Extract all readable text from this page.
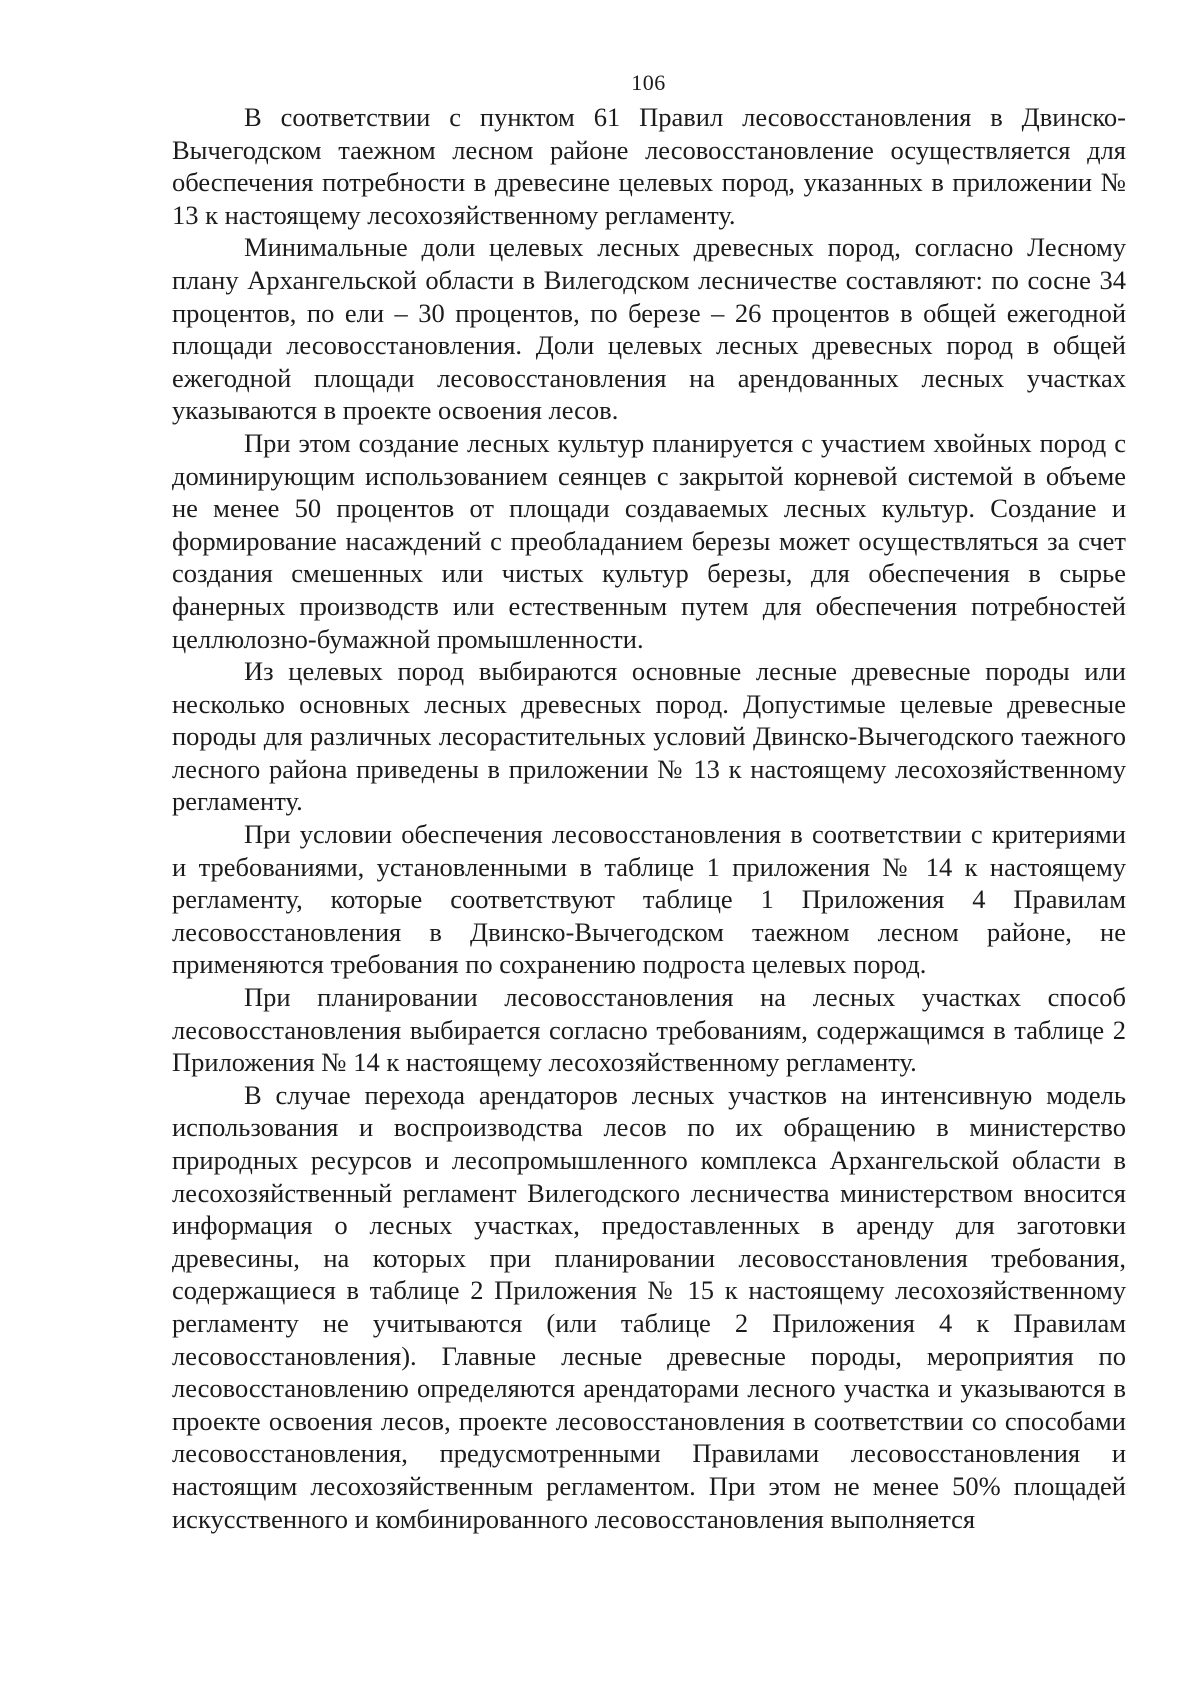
106

В соответствии с пунктом 61 Правил лесовосстановления в Двинско-Вычегодском таежном лесном районе лесовосстановление осуществляется для обеспечения потребности в древесине целевых пород, указанных в приложении № 13 к настоящему лесохозяйственному регламенту.

Минимальные доли целевых лесных древесных пород, согласно Лесному плану Архангельской области в Вилегодском лесничестве составляют: по сосне 34 процентов, по ели – 30 процентов, по березе – 26 процентов в общей ежегодной площади лесовосстановления. Доли целевых лесных древесных пород в общей ежегодной площади лесовосстановления на арендованных лесных участках указываются в проекте освоения лесов.

При этом создание лесных культур планируется с участием хвойных пород с доминирующим использованием сеянцев с закрытой корневой системой в объеме не менее 50 процентов от площади создаваемых лесных культур. Создание и формирование насаждений с преобладанием березы может осуществляться за счет создания смешенных или чистых культур березы, для обеспечения в сырье фанерных производств или естественным путем для обеспечения потребностей целлюлозно-бумажной промышленности.

Из целевых пород выбираются основные лесные древесные породы или несколько основных лесных древесных пород. Допустимые целевые древесные породы для различных лесорастительных условий Двинско-Вычегодского таежного лесного района приведены в приложении № 13 к настоящему лесохозяйственному регламенту.

При условии обеспечения лесовосстановления в соответствии с критериями и требованиями, установленными в таблице 1 приложения № 14 к настоящему регламенту, которые соответствуют таблице 1 Приложения 4 Правилам лесовосстановления в Двинско-Вычегодском таежном лесном районе, не применяются требования по сохранению подроста целевых пород.

При планировании лесовосстановления на лесных участках способ лесовосстановления выбирается согласно требованиям, содержащимся в таблице 2 Приложения № 14 к настоящему лесохозяйственному регламенту.

В случае перехода арендаторов лесных участков на интенсивную модель использования и воспроизводства лесов по их обращению в министерство природных ресурсов и лесопромышленного комплекса Архангельской области в лесохозяйственный регламент Вилегодского лесничества министерством вносится информация о лесных участках, предоставленных в аренду для заготовки древесины, на которых при планировании лесовосстановления требования, содержащиеся в таблице 2 Приложения № 15 к настоящему лесохозяйственному регламенту не учитываются (или таблице 2 Приложения 4 к Правилам лесовосстановления). Главные лесные древесные породы, мероприятия по лесовосстановлению определяются арендаторами лесного участка и указываются в проекте освоения лесов, проекте лесовосстановления в соответствии со способами лесовосстановления, предусмотренными Правилами лесовосстановления и настоящим лесохозяйственным регламентом. При этом не менее 50% площадей искусственного и комбинированного лесовосстановления выполняется
